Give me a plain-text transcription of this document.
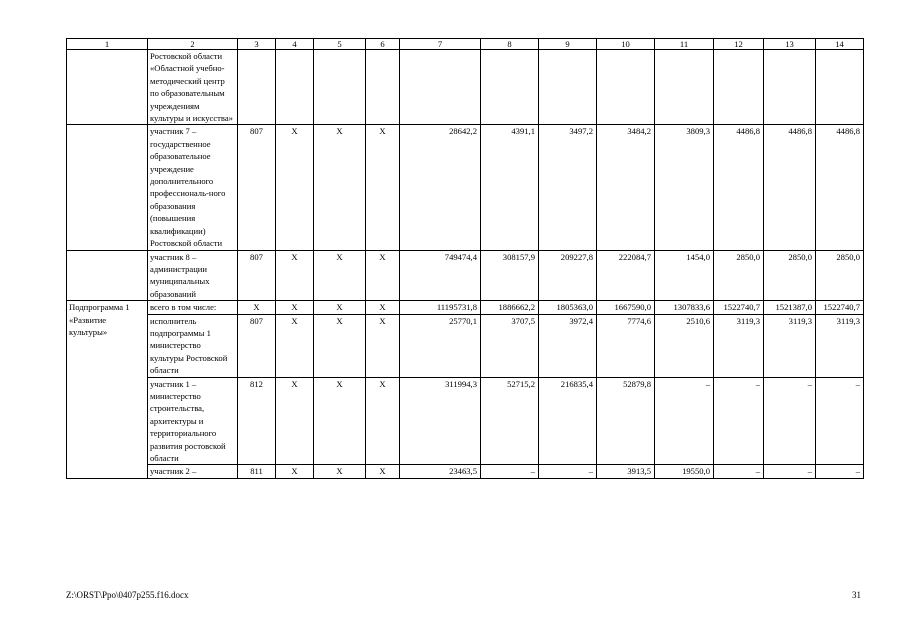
1	2	3	4	5	6	7	8	9	10	11	12	13	14
	Ростовской области «Областной учебно-методический центр по образовательным учреждениям культуры и искусства»												
	участник 7 – государственное образовательное учреждение дополнительного профессиональ-ного образования (повышения квалификации) Ростовской области	807	X	X	X	28642,2	4391,1	3497,2	3484,2	3809,3	4486,8	4486,8	4486,8
	участник 8 – администрации муниципальных образований	807	X	X	X	749474,4	308157,9	209227,8	222084,7	1454,0	2850,0	2850,0	2850,0
Подпрограмма 1 «Развитие культуры»	всего в том числе:	X	X	X	X	11195731,8	1886662,2	1805363,0	1667590,0	1307833,6	1522740,7	1521387,0	1522740,7
	исполнитель подпрограммы 1 министерство культуры Ростовской области	807	X	X	X	25770,1	3707,5	3972,4	7774,6	2510,6	3119,3	3119,3	3119,3
	участник 1 – министерство строительства, архитектуры и территориального развития ростовской области	812	X	X	X	311994,3	52715,2	216835,4	52879,8	–	–	–	–
	участник 2 –	811	X	X	X	23463,5	–	–	3913,5	19550,0	–	–	–
Z:\ORST\Ppo\0407p255.f16.docx	31
